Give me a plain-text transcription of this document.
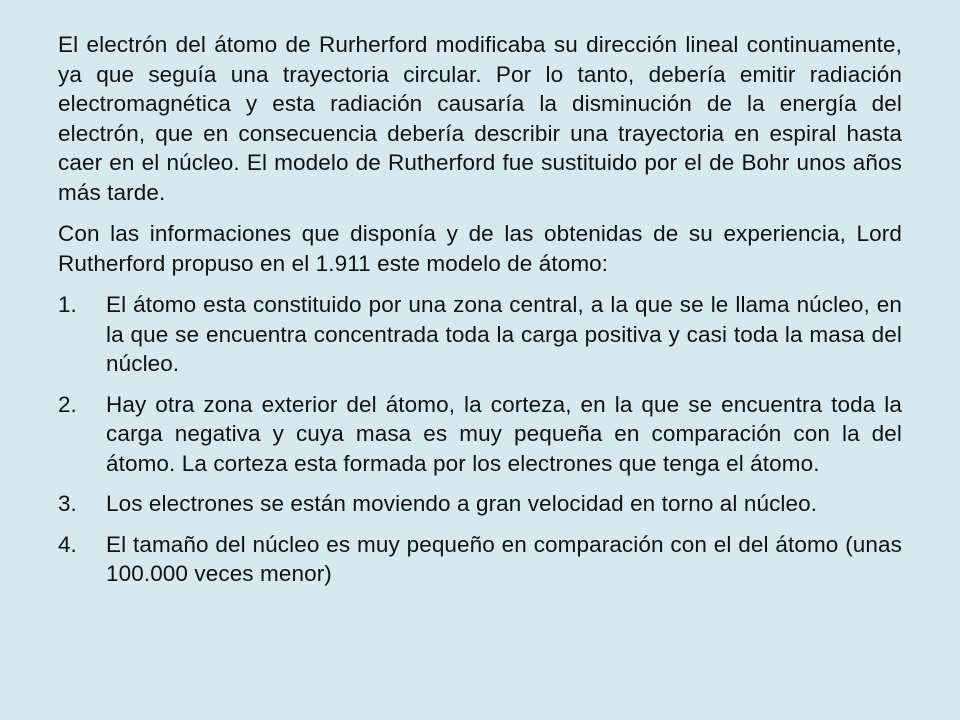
El electrón del átomo de Rurherford modificaba su dirección lineal continuamente, ya que seguía una trayectoria circular. Por lo tanto, debería emitir radiación electromagnética y esta radiación causaría la disminución de la energía del electrón, que en consecuencia debería describir una trayectoria en espiral hasta caer en el núcleo. El modelo de Rutherford fue sustituido por el de Bohr unos años más tarde.

Con las informaciones que disponía y de las obtenidas de su experiencia, Lord Rutherford propuso en el 1.911 este modelo de átomo:

1.	El átomo esta constituido por una zona central, a la que se le llama núcleo, en la que se encuentra concentrada toda la carga positiva y casi toda la masa del núcleo.
2.	Hay otra zona exterior del átomo, la corteza, en la que se encuentra toda la carga negativa y cuya masa es muy pequeña en comparación con la del átomo. La corteza esta formada por los electrones que tenga el átomo.
3.	Los electrones se están moviendo a gran velocidad en torno al núcleo.
4.	El tamaño del núcleo es muy pequeño en comparación con el del átomo (unas 100.000 veces menor)
